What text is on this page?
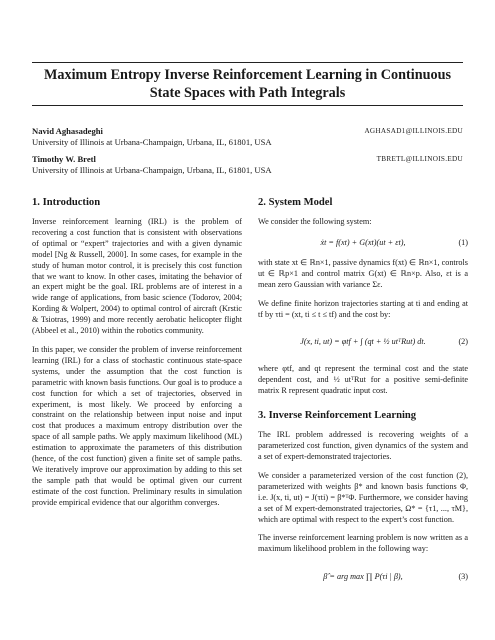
Maximum Entropy Inverse Reinforcement Learning in Continuous State Spaces with Path Integrals
Navid Aghasadeghi	AGHASAD1@ILLINOIS.EDU
University of Illinois at Urbana-Champaign, Urbana, IL, 61801, USA
Timothy W. Bretl	TBRETL@ILLINOIS.EDU
University of Illinois at Urbana-Champaign, Urbana, IL, 61801, USA
1. Introduction

Inverse reinforcement learning (IRL) is the problem of recovering a cost function that is consistent with observations of optimal or “expert” trajectories and with a given dynamic model [Ng & Russell, 2000]. In some cases, for example in the study of human motor control, it is precisely this cost function that we want to know. In other cases, imitating the behavior of an expert might be the goal. IRL problems are of interest in a wide range of applications, from basic science (Todorov, 2004; Kording & Wolpert, 2004) to optimal control of aircraft (Krstic & Tsiotras, 1999) and more recently aerobatic helicopter flight (Abbeel et al., 2010) within the robotics community.

In this paper, we consider the problem of inverse reinforcement learning (IRL) for a class of stochastic continuous state-space systems, under the assumption that the cost function is parametric with known basis functions. Our goal is to produce a cost function for which a set of trajectories, observed in experiment, is most likely. We proceed by enforcing a constraint on the relationship between input noise and input cost that produces a maximum entropy distribution over the space of all sample paths. We apply maximum likelihood (ML) estimation to approximate the parameters of this distribution (hence, of the cost function) given a finite set of sample paths. We iteratively improve our approximation by adding to this set the sample path that would be optimal given our current estimate of the cost function. Preliminary results in simulation provide empirical evidence that our algorithm converges.

2. System Model

We consider the following system:

ẋt = f(xt) + G(xt)(ut + εt),	(1)

with state xt ∈ ℝn×1, passive dynamics f(xt) ∈ ℝn×1, controls ut ∈ ℝp×1 and control matrix G(xt) ∈ ℝn×p. Also, εt is a mean zero Gaussian with variance Σε.

We define finite horizon trajectories starting at ti and ending at tf by τti = (xt, ti ≤ t ≤ tf) and the cost by:

J(x, ti, ut) = φtf + ∫ (qt + ½ utᵀRut) dt.	(2)

where φtf, and qt represent the terminal cost and the state dependent cost, and ½ utᵀRut for a positive semi-definite matrix R represent quadratic input cost.

3. Inverse Reinforcement Learning

The IRL problem addressed is recovering weights of a parameterized cost function, given dynamics of the system and a set of expert-demonstrated trajectories.

We consider a parameterized version of the cost function (2), parameterized with weights β* and known basis functions Φ, i.e. J(x, ti, ut) = J(τti) = β*ᵀΦ. Furthermore, we consider having a set of M expert-demonstrated trajectories, Ω* = {τ1, ..., τM}, which are optimal with respect to the expert’s cost function.

The inverse reinforcement learning problem is now written as a maximum likelihood problem in the following way:

β̂ = arg max ∏ P(τi | β),	(3)
